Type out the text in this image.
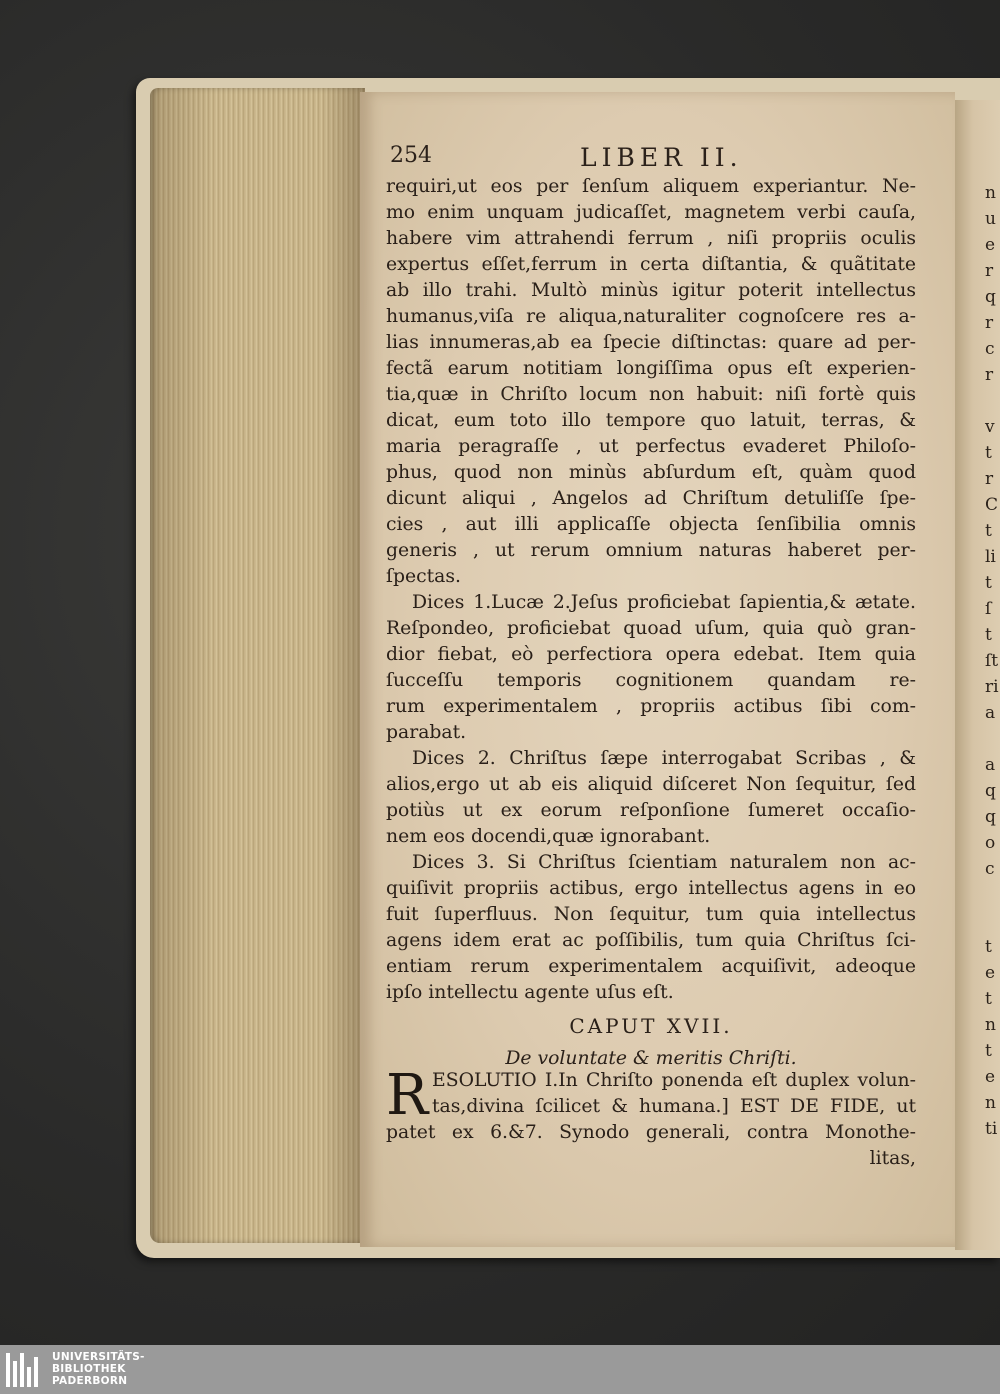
n
u
e
r
q
r
c
r
v
t
r
C
t
li
t
ſ
t
ſt
ri
a
a
q
q
o
c
t
e
t
n
t
e
n
ti
254	LIBER II.
requiri,ut eos per ſenſum aliquem experiantur. Ne-
mo enim unquam judicaſſet, magnetem verbi cauſa,
habere vim attrahendi ferrum , niſi propriis oculis
expertus eſſet,ferrum in certa diſtantia, & quãtitate
ab illo trahi. Multò minùs igitur poterit intellectus
humanus,viſa re aliqua,naturaliter cognoſcere res a-
lias innumeras,ab ea ſpecie diſtinctas: quare ad per-
fectã earum notitiam longiſſima opus eſt experien-
tia,quæ in Chriſto locum non habuit: niſi fortè quis
dicat, eum toto illo tempore quo latuit, terras, &
maria peragraſſe , ut perfectus evaderet Philoſo-
phus, quod non minùs abſurdum eſt, quàm quod
dicunt aliqui , Angelos ad Chriſtum detuliſſe ſpe-
cies , aut illi applicaſſe objecta ſenſibilia omnis
generis , ut rerum omnium naturas haberet per-
ſpectas.
Dices 1.Lucæ 2.Jeſus proficiebat ſapientia,& ætate.
Reſpondeo, proficiebat quoad uſum, quia quò gran-
dior fiebat, eò perfectiora opera edebat. Item quia
ſucceſſu temporis cognitionem quandam re-
rum experimentalem , propriis actibus ſibi com-
parabat.
Dices 2. Chriſtus ſæpe interrogabat Scribas , &
alios,ergo ut ab eis aliquid diſceret Non ſequitur, ſed
potiùs ut ex eorum reſponſione ſumeret occaſio-
nem eos docendi,quæ ignorabant.
Dices 3. Si Chriſtus ſcientiam naturalem non ac-
quiſivit propriis actibus, ergo intellectus agens in eo
fuit ſuperfluus. Non ſequitur, tum quia intellectus
agens idem erat ac poſſibilis, tum quia Chriſtus ſci-
entiam rerum experimentalem acquiſivit, adeoque
ipſo intellectu agente uſus eſt.
CAPUT XVII.
De voluntate & meritis Chriſti.
R ESOLUTIO I.In Chriſto ponenda eſt duplex volun-
tas,divina ſcilicet & humana.] EST DE FIDE, ut
patet ex 6.&7. Synodo generali, contra Monothe-
litas,
UNIVERSITÄTS-
BIBLIOTHEK
PADERBORN
